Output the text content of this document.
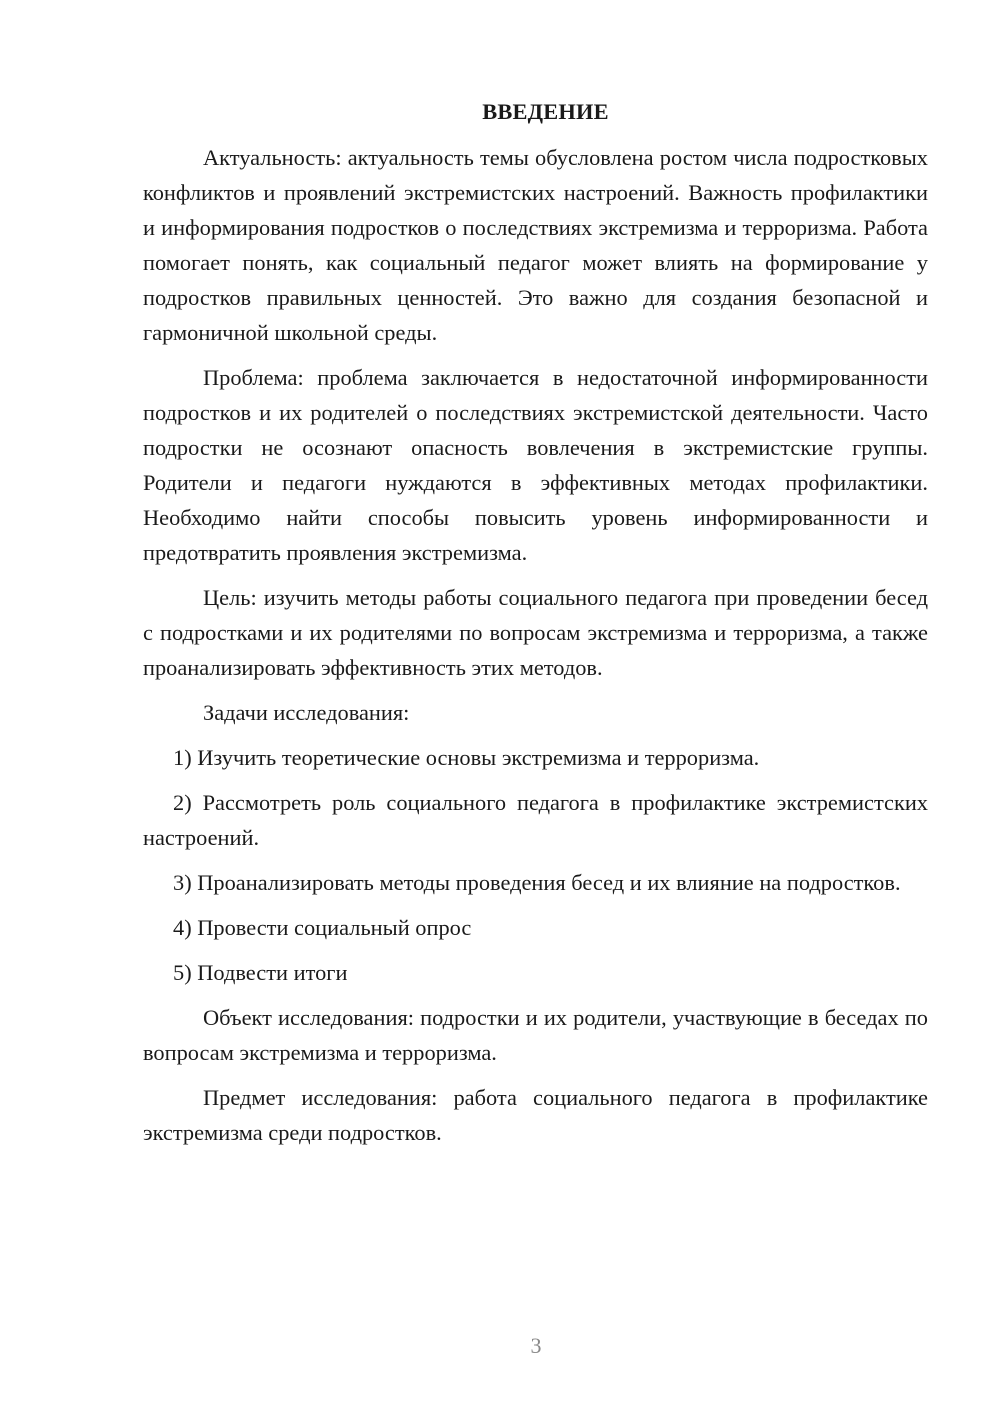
ВВЕДЕНИЕ

Актуальность: актуальность темы обусловлена ростом числа подростковых конфликтов и проявлений экстремистских настроений. Важность профилактики и информирования подростков о последствиях экстремизма и терроризма. Работа помогает понять, как социальный педагог может влиять на формирование у подростков правильных ценностей. Это важно для создания безопасной и гармоничной школьной среды.

Проблема: проблема заключается в недостаточной информированности подростков и их родителей о последствиях экстремистской деятельности. Часто подростки не осознают опасность вовлечения в экстремистские группы. Родители и педагоги нуждаются в эффективных методах профилактики. Необходимо найти способы повысить уровень информированности и предотвратить проявления экстремизма.

Цель: изучить методы работы социального педагога при проведении бесед с подростками и их родителями по вопросам экстремизма и терроризма, а также проанализировать эффективность этих методов.

Задачи исследования:

1) Изучить теоретические основы экстремизма и терроризма.

2) Рассмотреть роль социального педагога в профилактике экстремистских настроений.

3) Проанализировать методы проведения бесед и их влияние на подростков.

4) Провести социальный опрос

5) Подвести итоги

Объект исследования: подростки и их родители, участвующие в беседах по вопросам экстремизма и терроризма.

Предмет исследования: работа социального педагога в профилактике экстремизма среди подростков.

3
